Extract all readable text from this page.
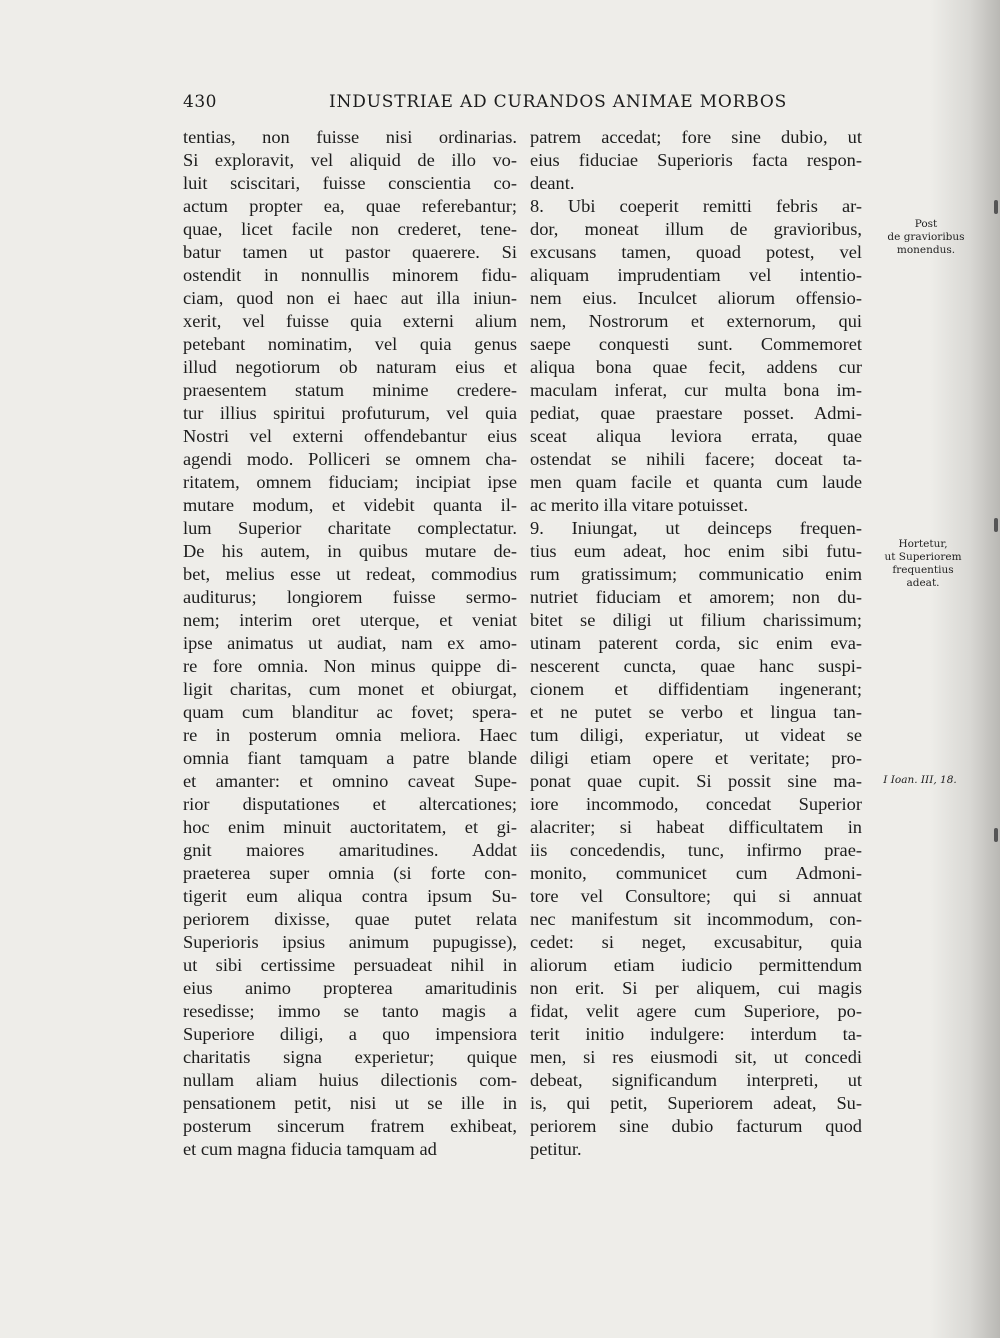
430	INDUSTRIAE AD CURANDOS ANIMAE MORBOS
tentias, non fuisse nisi ordinarias.
Si exploravit, vel aliquid de illo vo-
luit sciscitari, fuisse conscientia co-
actum propter ea, quae referebantur;
quae, licet facile non crederet, tene-
batur tamen ut pastor quaerere. Si
ostendit in nonnullis minorem fidu-
ciam, quod non ei haec aut illa iniun-
xerit, vel fuisse quia externi alium
petebant nominatim, vel quia genus
illud negotiorum ob naturam eius et
praesentem statum minime credere-
tur illius spiritui profuturum, vel quia
Nostri vel externi offendebantur eius
agendi modo. Polliceri se omnem cha-
ritatem, omnem fiduciam; incipiat ipse
mutare modum, et videbit quanta il-
lum Superior charitate complectatur.
De his autem, in quibus mutare de-
bet, melius esse ut redeat, commodius
auditurus; longiorem fuisse sermo-
nem; interim oret uterque, et veniat
ipse animatus ut audiat, nam ex amo-
re fore omnia. Non minus quippe di-
ligit charitas, cum monet et obiurgat,
quam cum blanditur ac fovet; spera-
re in posterum omnia meliora. Haec
omnia fiant tamquam a patre blande
et amanter: et omnino caveat Supe-
rior disputationes et altercationes;
hoc enim minuit auctoritatem, et gi-
gnit maiores amaritudines. Addat
praeterea super omnia (si forte con-
tigerit eum aliqua contra ipsum Su-
periorem dixisse, quae putet relata
Superioris ipsius animum pupugisse),
ut sibi certissime persuadeat nihil in
eius animo propterea amaritudinis
resedisse; immo se tanto magis a
Superiore diligi, a quo impensiora
charitatis signa experietur; quique
nullam aliam huius dilectionis com-
pensationem petit, nisi ut se ille in
posterum sincerum fratrem exhibeat,
et cum magna fiducia tamquam ad
patrem accedat; fore sine dubio, ut
eius fiduciae Superioris facta respon-
deant.
8. Ubi coeperit remitti febris ar-
dor, moneat illum de gravioribus,
excusans tamen, quoad potest, vel
aliquam imprudentiam vel intentio-
nem eius. Inculcet aliorum offensio-
nem, Nostrorum et externorum, qui
saepe conquesti sunt. Commemoret
aliqua bona quae fecit, addens cur
maculam inferat, cur multa bona im-
pediat, quae praestare posset. Admi-
sceat aliqua leviora errata, quae
ostendat se nihili facere; doceat ta-
men quam facile et quanta cum laude
ac merito illa vitare potuisset.
9. Iniungat, ut deinceps frequen-
tius eum adeat, hoc enim sibi futu-
rum gratissimum; communicatio enim
nutriet fiduciam et amorem; non du-
bitet se diligi ut filium charissimum;
utinam paterent corda, sic enim eva-
nescerent cuncta, quae hanc suspi-
cionem et diffidentiam ingenerant;
et ne putet se verbo et lingua tan-
tum diligi, experiatur, ut videat se
diligi etiam opere et veritate; pro-
ponat quae cupit. Si possit sine ma-
iore incommodo, concedat Superior
alacriter; si habeat difficultatem in
iis concedendis, tunc, infirmo prae-
monito, communicet cum Admoni-
tore vel Consultore; qui si annuat
nec manifestum sit incommodum, con-
cedet: si neget, excusabitur, quia
aliorum etiam iudicio permittendum
non erit. Si per aliquem, cui magis
fidat, velit agere cum Superiore, po-
terit initio indulgere: interdum ta-
men, si res eiusmodi sit, ut concedi
debeat, significandum interpreti, ut
is, qui petit, Superiorem adeat, Su-
periorem sine dubio facturum quod
petitur.
Post
de gravioribus
monendus.
Hortetur,
ut Superiorem
frequentius
adeat.
I Ioan. III, 18.
